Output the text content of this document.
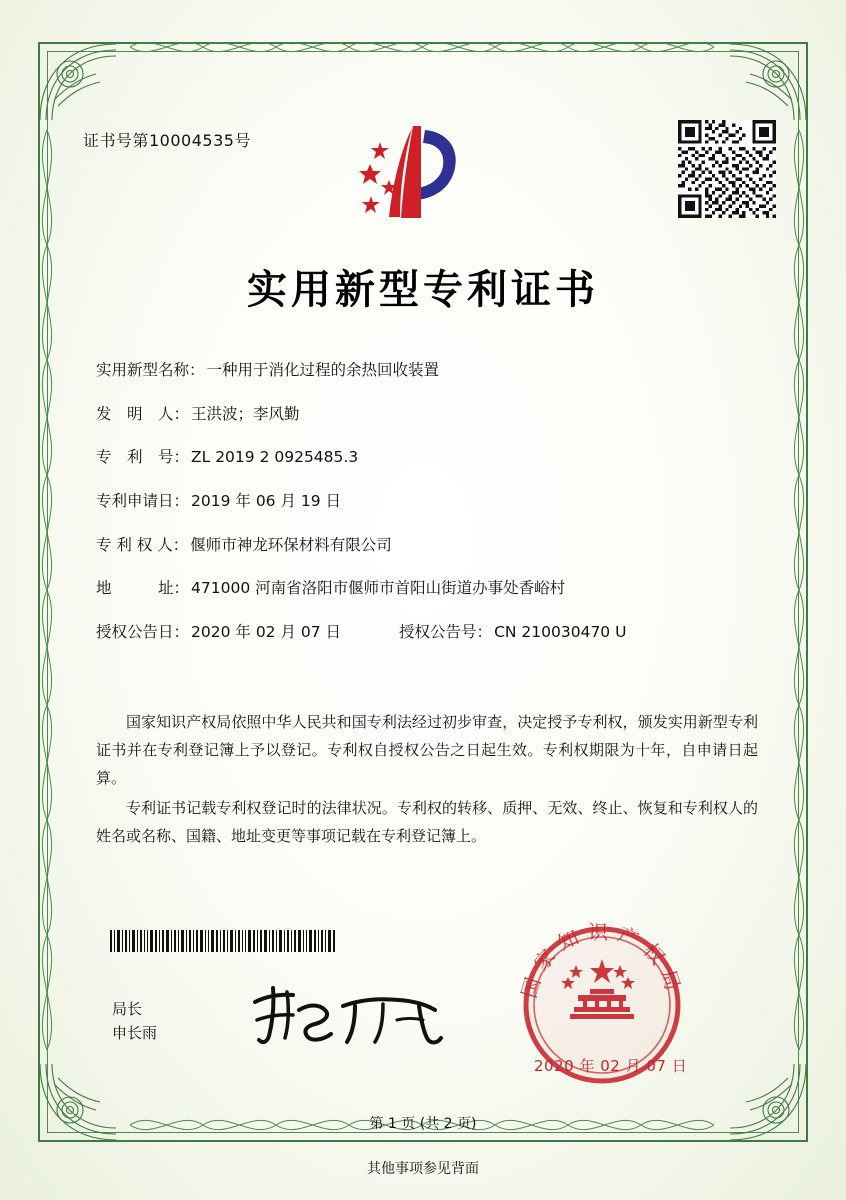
证书号第10004535号
实用新型专利证书
实用新型名称： 一种用于消化过程的余热回收装置
发　明　人： 王洪波；李风勤
专　利　号： ZL 2019 2 0925485.3
专利申请日： 2019 年 06 月 19 日
专 利 权 人： 偃师市神龙环保材料有限公司
地　　　址： 471000 河南省洛阳市偃师市首阳山街道办事处香峪村
授权公告日： 2020 年 02 月 07 日	授权公告号： CN 210030470 U

国家知识产权局依照中华人民共和国专利法经过初步审查，决定授予专利权，颁发实用新型专利证书并在专利登记簿上予以登记。专利权自授权公告之日起生效。专利权期限为十年，自申请日起算。

专利证书记载专利权登记时的法律状况。专利权的转移、质押、无效、终止、恢复和专利权人的姓名或名称、国籍、地址变更等事项记载在专利登记簿上。

局长
申长雨
国家知识产权局
2020 年 02 月 07 日
第 1 页 (共 2 页)
其他事项参见背面
